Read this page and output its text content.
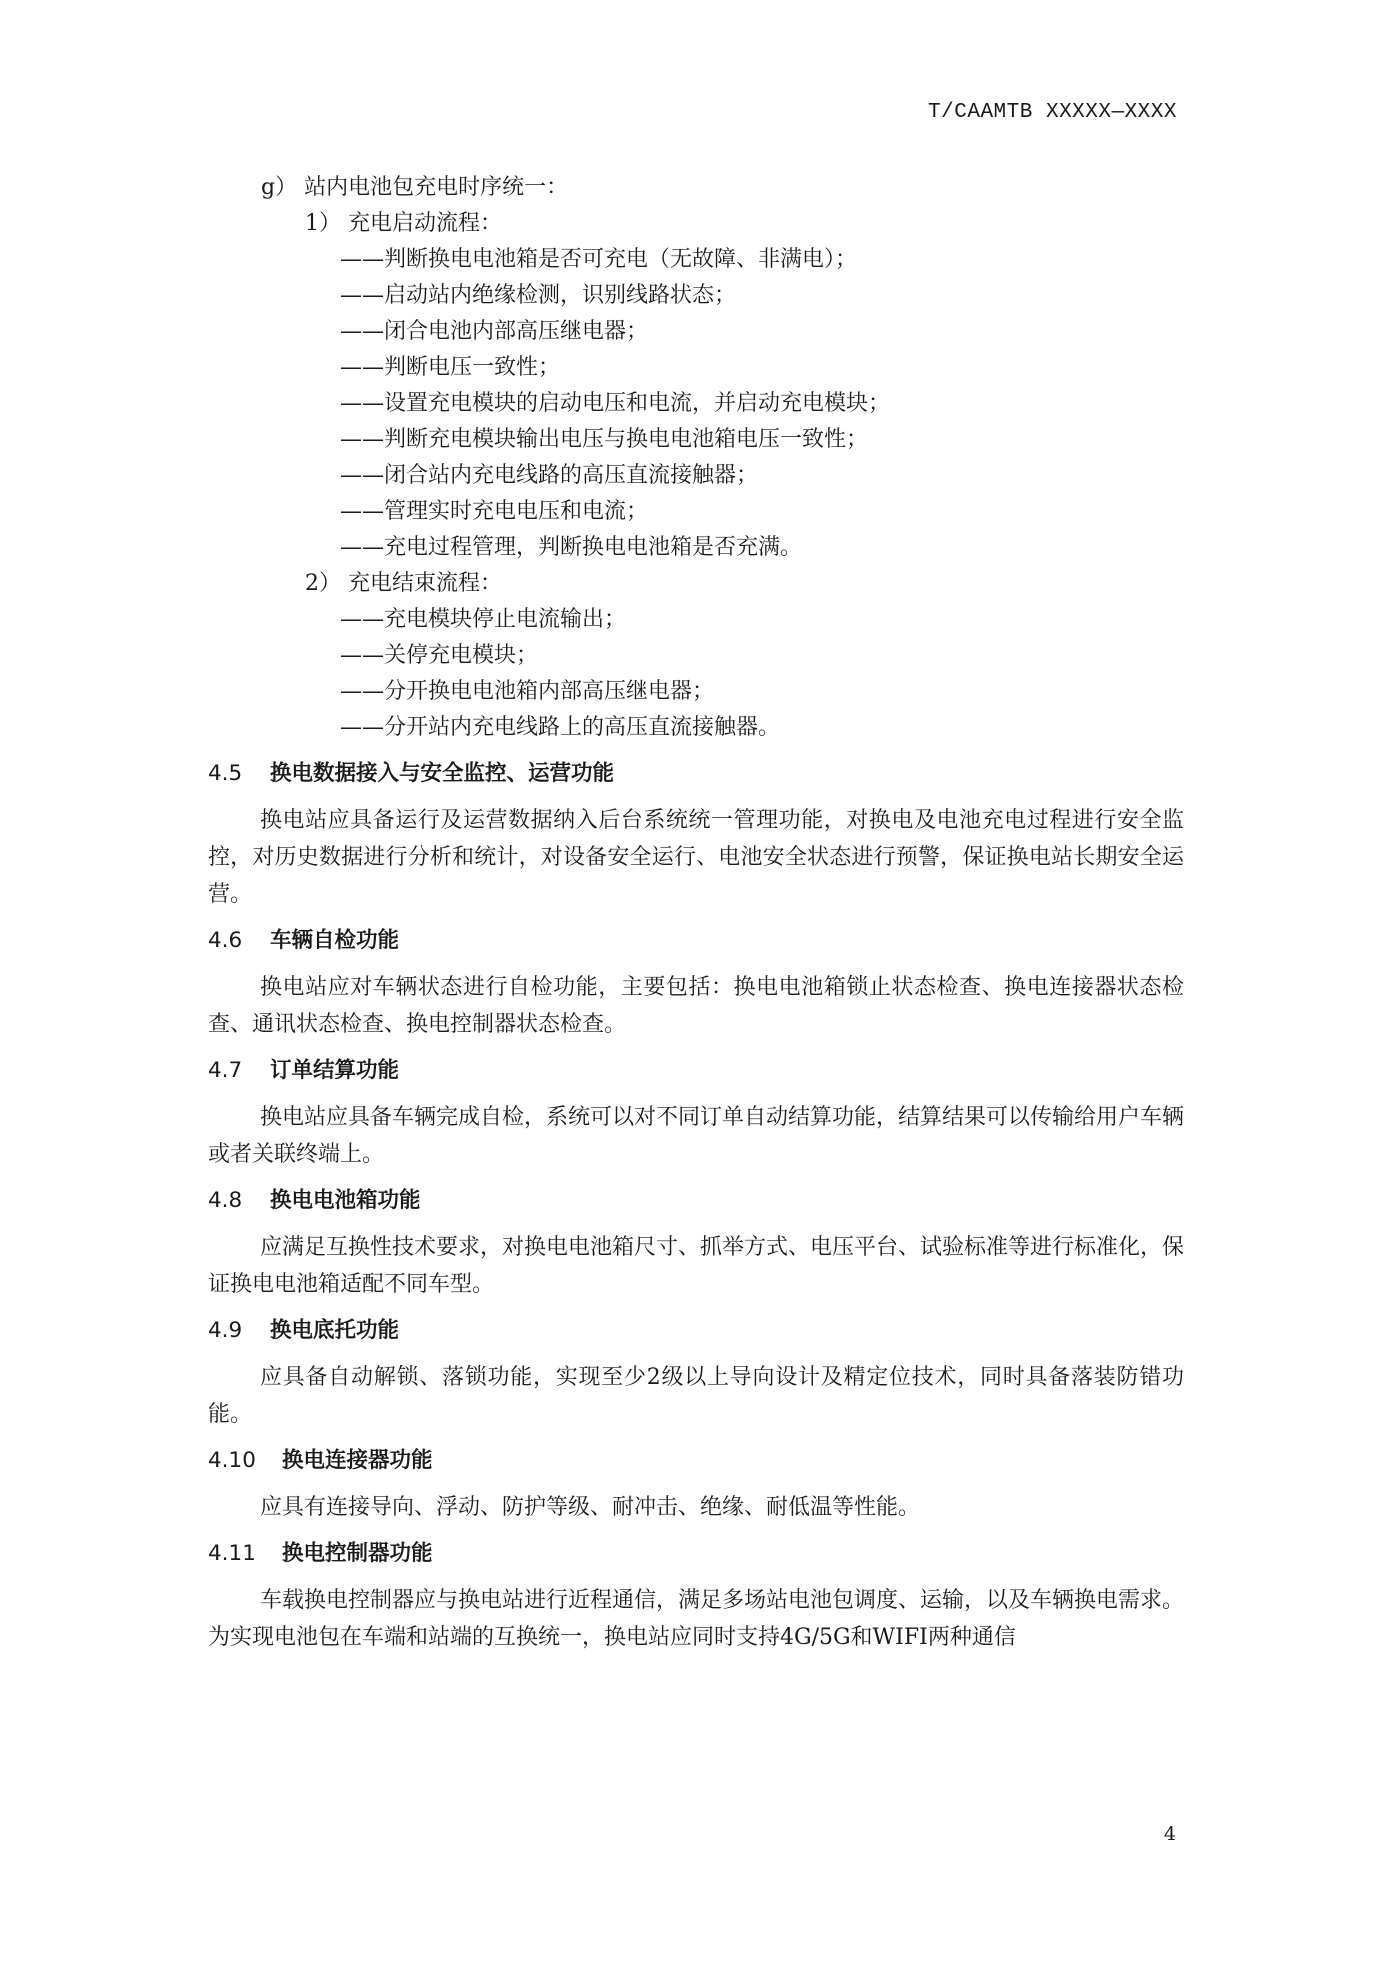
T/CAAMTB XXXXX—XXXX
g） 站内电池包充电时序统一：
1） 充电启动流程：
——判断换电电池箱是否可充电（无故障、非满电）；
——启动站内绝缘检测，识别线路状态；
——闭合电池内部高压继电器；
——判断电压一致性；
——设置充电模块的启动电压和电流，并启动充电模块；
——判断充电模块输出电压与换电电池箱电压一致性；
——闭合站内充电线路的高压直流接触器；
——管理实时充电电压和电流；
——充电过程管理，判断换电电池箱是否充满。
2） 充电结束流程：
——充电模块停止电流输出；
——关停充电模块；
——分开换电电池箱内部高压继电器；
——分开站内充电线路上的高压直流接触器。
4.5 换电数据接入与安全监控、运营功能
换电站应具备运行及运营数据纳入后台系统统一管理功能，对换电及电池充电过程进行安全监控，对历史数据进行分析和统计，对设备安全运行、电池安全状态进行预警，保证换电站长期安全运营。
4.6 车辆自检功能
换电站应对车辆状态进行自检功能，主要包括：换电电池箱锁止状态检查、换电连接器状态检查、通讯状态检查、换电控制器状态检查。
4.7 订单结算功能
换电站应具备车辆完成自检，系统可以对不同订单自动结算功能，结算结果可以传输给用户车辆或者关联终端上。
4.8 换电电池箱功能
应满足互换性技术要求，对换电电池箱尺寸、抓举方式、电压平台、试验标准等进行标准化，保证换电电池箱适配不同车型。
4.9 换电底托功能
应具备自动解锁、落锁功能，实现至少2级以上导向设计及精定位技术，同时具备落装防错功能。
4.10 换电连接器功能
应具有连接导向、浮动、防护等级、耐冲击、绝缘、耐低温等性能。
4.11 换电控制器功能
车载换电控制器应与换电站进行近程通信，满足多场站电池包调度、运输，以及车辆换电需求。为实现电池包在车端和站端的互换统一，换电站应同时支持4G/5G和WIFI两种通信
4
